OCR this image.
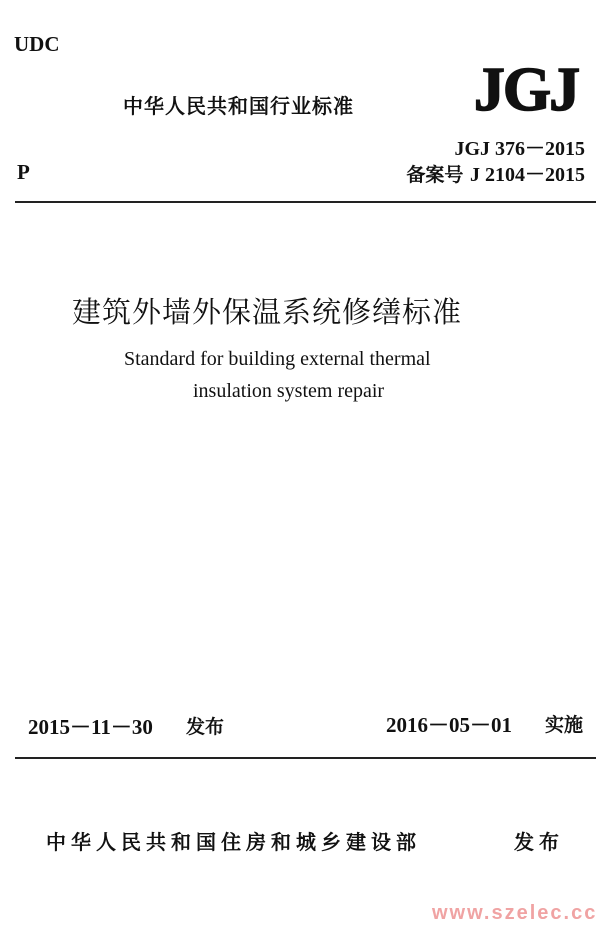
UDC
中华人民共和国行业标准 JGJ
JGJ 376－2015
备案号 J 2104－2015
P
建筑外墙外保温系统修缮标准
Standard for building external thermal
insulation system repair
2015－11－30 发布	2016－05－01 实施
中华人民共和国住房和城乡建设部	发布
www.szelec.cc
